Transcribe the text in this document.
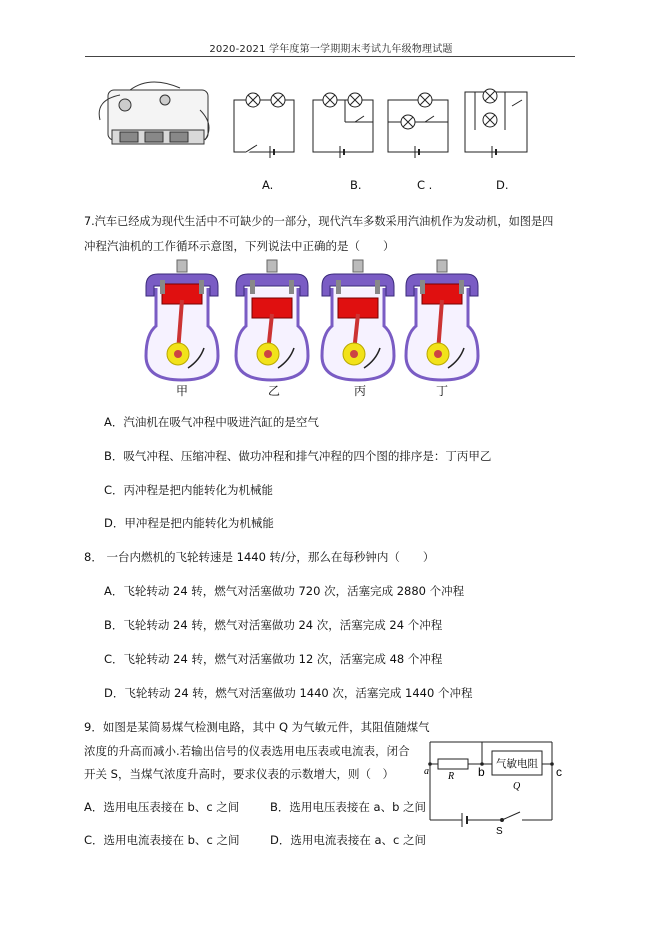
2020-2021 学年度第一学期期末考试九年级物理试题
A.	B.	C .	D.
7.汽车已经成为现代生活中不可缺少的一部分，现代汽车多数采用汽油机作为发动机，如图是四
冲程汽油机的工作循环示意图，下列说法中正确的是（　　）
甲	乙	丙	丁
A．汽油机在吸气冲程中吸进汽缸的是空气
B．吸气冲程、压缩冲程、做功冲程和排气冲程的四个图的排序是：丁丙甲乙
C．丙冲程是把内能转化为机械能
D．甲冲程是把内能转化为机械能
8． 一台内燃机的飞轮转速是 1440 转/分，那么在每秒钟内（　　）
A．飞轮转动 24 转，燃气对活塞做功 720 次，活塞完成 2880 个冲程
B．飞轮转动 24 转，燃气对活塞做功 24 次，活塞完成 24 个冲程
C．飞轮转动 24 转，燃气对活塞做功 12 次，活塞完成 48 个冲程
D．飞轮转动 24 转，燃气对活塞做功 1440 次，活塞完成 1440 个冲程
9．如图是某简易煤气检测电路，其中 Q 为气敏元件，其阻值随煤气
浓度的升高而减小.若输出信号的仪表选用电压表或电流表，闭合
开关 S，当煤气浓度升高时，要求仪表的示数增大，则（　）
A．选用电压表接在 b、c 之间	B．选用电压表接在 a、b 之间
C．选用电流表接在 b、c 之间	D．选用电流表接在 a、c 之间
a R b
气敏电阻
Q
c
S
